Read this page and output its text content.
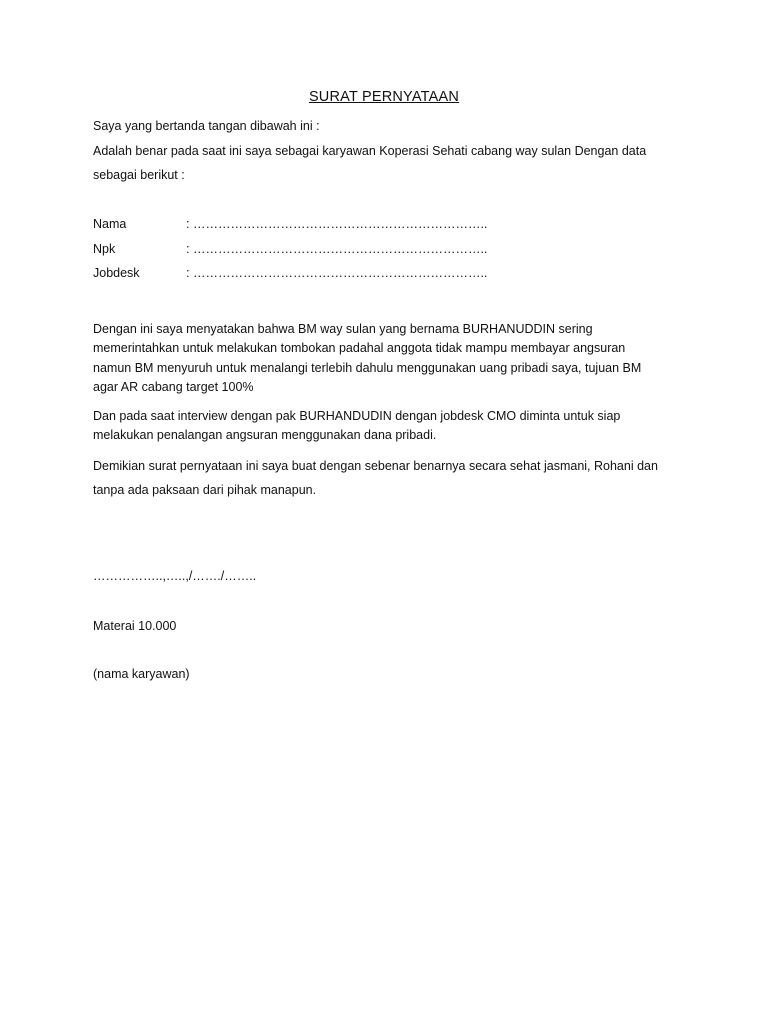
SURAT PERNYATAAN
Saya yang bertanda tangan dibawah ini :
Adalah benar pada saat ini saya sebagai karyawan Koperasi Sehati cabang way sulan Dengan data
sebagai berikut :
Nama	: ……………………………………………………………..
Npk	: ……………………………………………………………..
Jobdesk	: ……………………………………………………………..
Dengan ini saya menyatakan bahwa BM way sulan yang bernama BURHANUDDIN sering
memerintahkan untuk melakukan tombokan padahal anggota tidak mampu membayar angsuran
namun BM menyuruh untuk menalangi terlebih dahulu menggunakan uang pribadi saya, tujuan BM
agar AR cabang target 100%
Dan pada saat interview dengan pak BURHANDUDIN dengan jobdesk CMO diminta untuk siap
melakukan penalangan angsuran menggunakan dana pribadi.
Demikian surat pernyataan ini saya buat dengan sebenar benarnya secara sehat jasmani, Rohani dan
tanpa ada paksaan dari pihak manapun.
……………..,…..,/……./……..
Materai 10.000
(nama karyawan)
